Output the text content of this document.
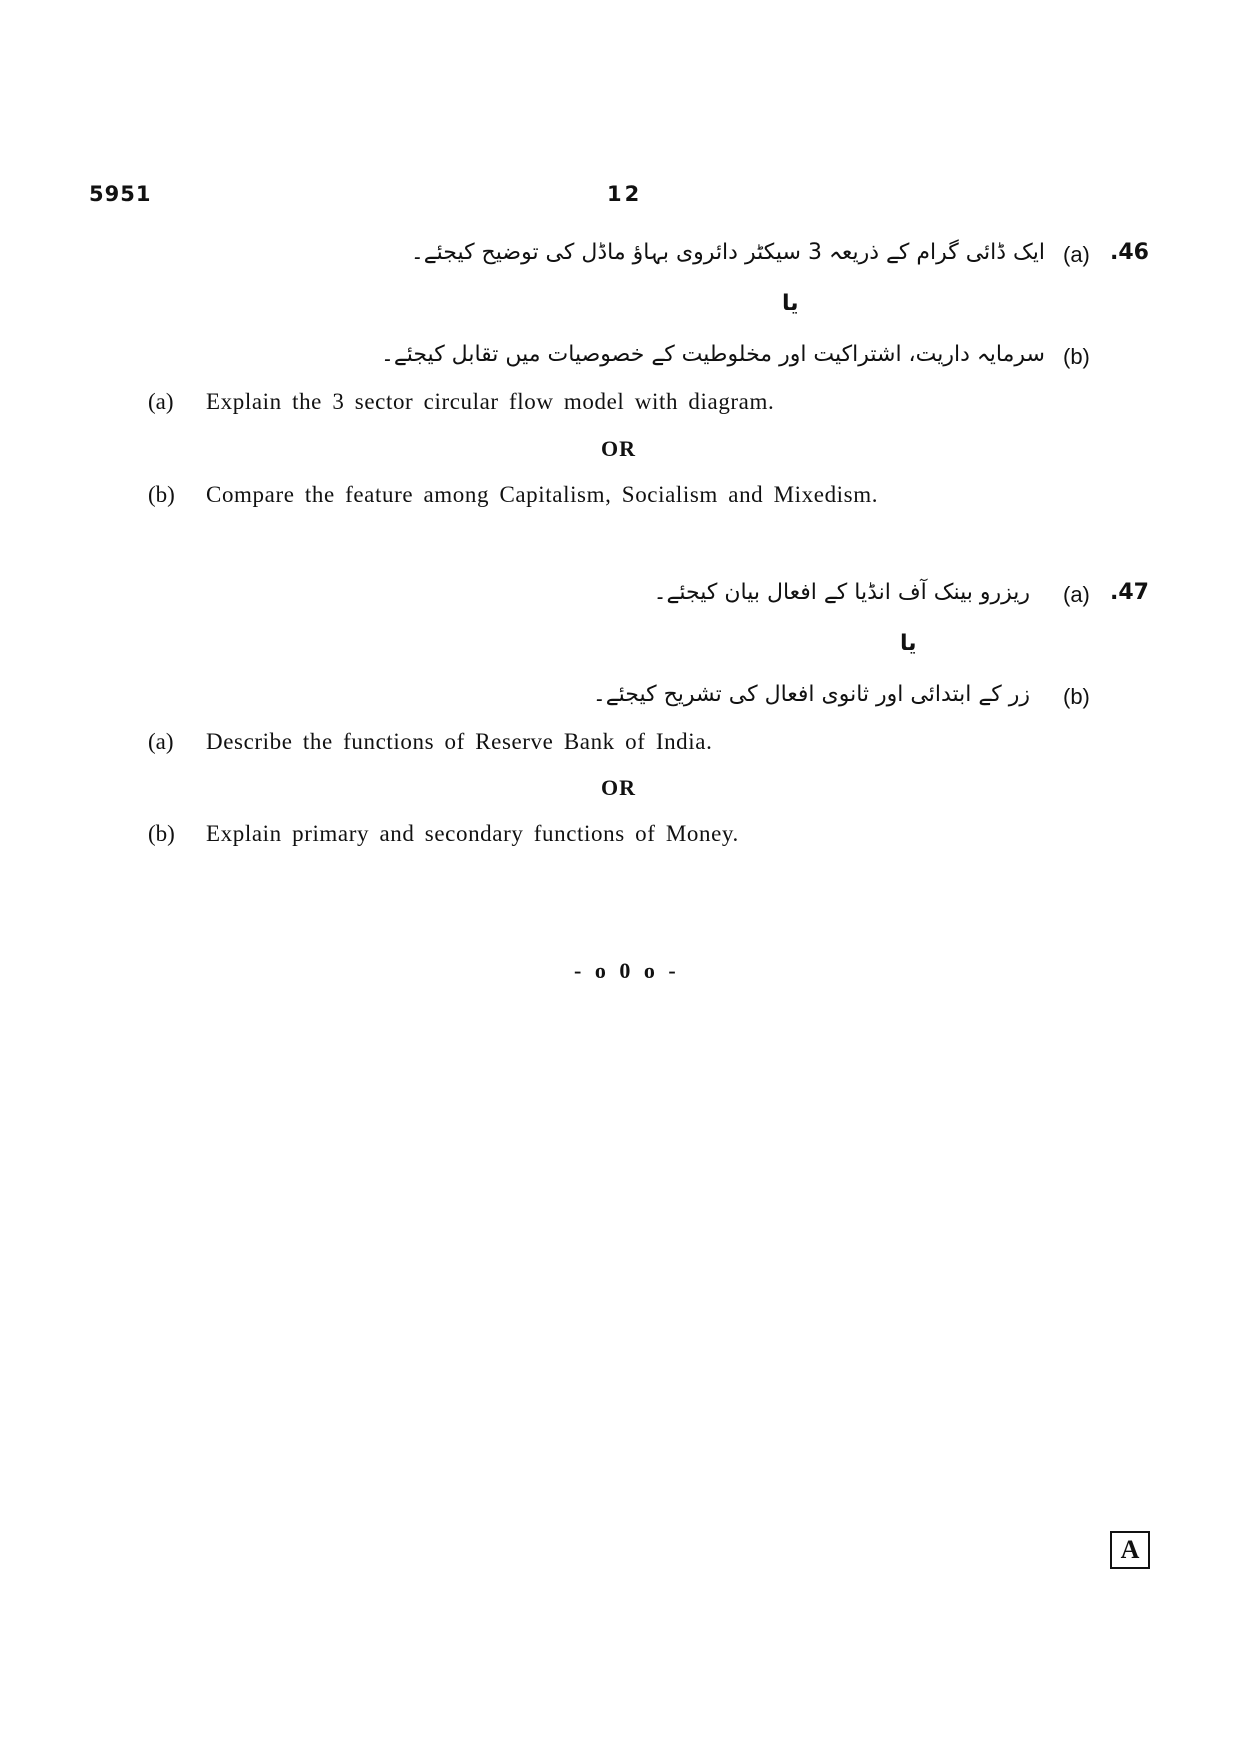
5951	12
.46
(a)
ایک ڈائی گرام کے ذریعہ 3 سیکٹر دائروی بہاؤ ماڈل کی توضیح کیجئے۔
یا
(b)
سرمایہ داریت، اشتراکیت اور مخلوطیت کے خصوصیات میں تقابل کیجئے۔
(a) Explain the 3 sector circular flow model with diagram.
OR
(b) Compare the feature among Capitalism, Socialism and Mixedism.
.47
(a)
ریزرو بینک آف انڈیا کے افعال بیان کیجئے۔
یا
(b)
زر کے ابتدائی اور ثانوی افعال کی تشریح کیجئے۔
(a) Describe the functions of Reserve Bank of India.
OR
(b) Explain primary and secondary functions of Money.
- o 0 o -
A
